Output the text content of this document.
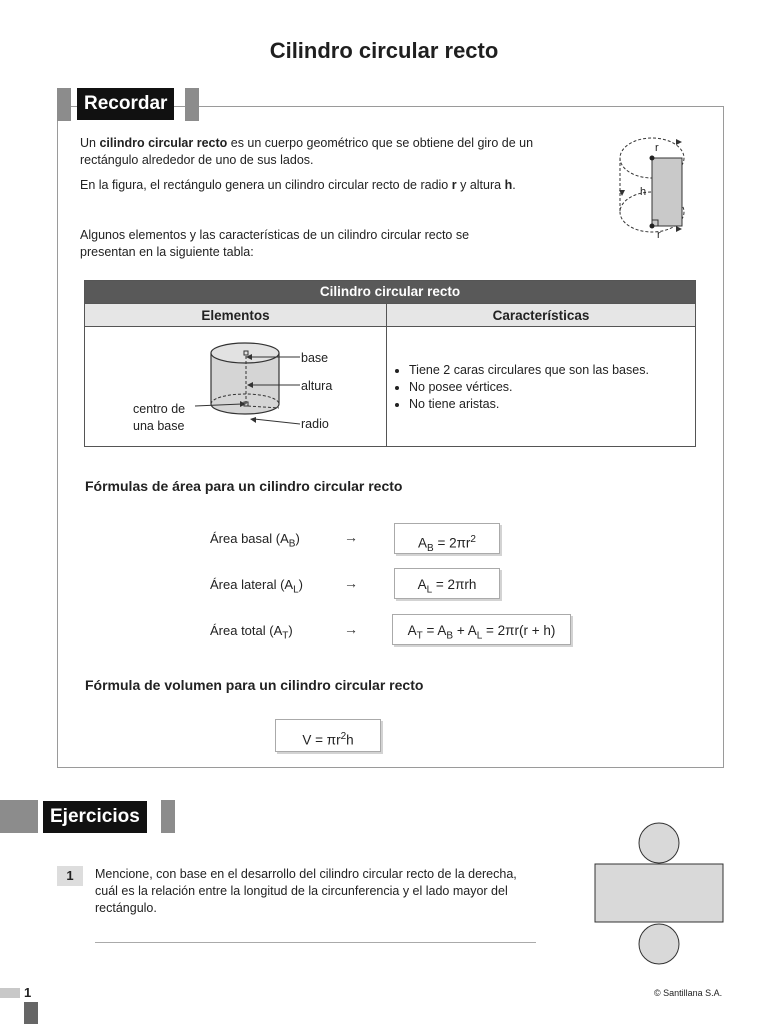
Cilindro circular recto
Recordar
Un cilindro circular recto es un cuerpo geométrico que se obtiene del giro de un rectángulo alrededor de uno de sus lados.
En la figura, el rectángulo genera un cilindro circular recto de radio r y altura h.
Algunos elementos y las características de un cilindro circular recto se presentan en la siguiente tabla:
r
h
r
Cilindro circular recto
Elementos	Características
base
altura
radio
centro de
una base
• Tiene 2 caras circulares que son las bases.
• No posee vértices.
• No tiene aristas.
Fórmulas de área para un cilindro circular recto
Área basal $(A_B)$	→	$A_B = 2\pi r^2$
Área lateral $(A_L)$	→	$A_L = 2\pi rh$
Área total $(A_T)$	→	$A_T = A_B + A_L = 2\pi r(r + h)$
Fórmula de volumen para un cilindro circular recto
$V = \pi r^2h$
Ejercicios
1	Mencione, con base en el desarrollo del cilindro circular recto de la derecha, cuál es la relación entre la longitud de la circunferencia y el lado mayor del rectángulo.
1	© Santillana S.A.
